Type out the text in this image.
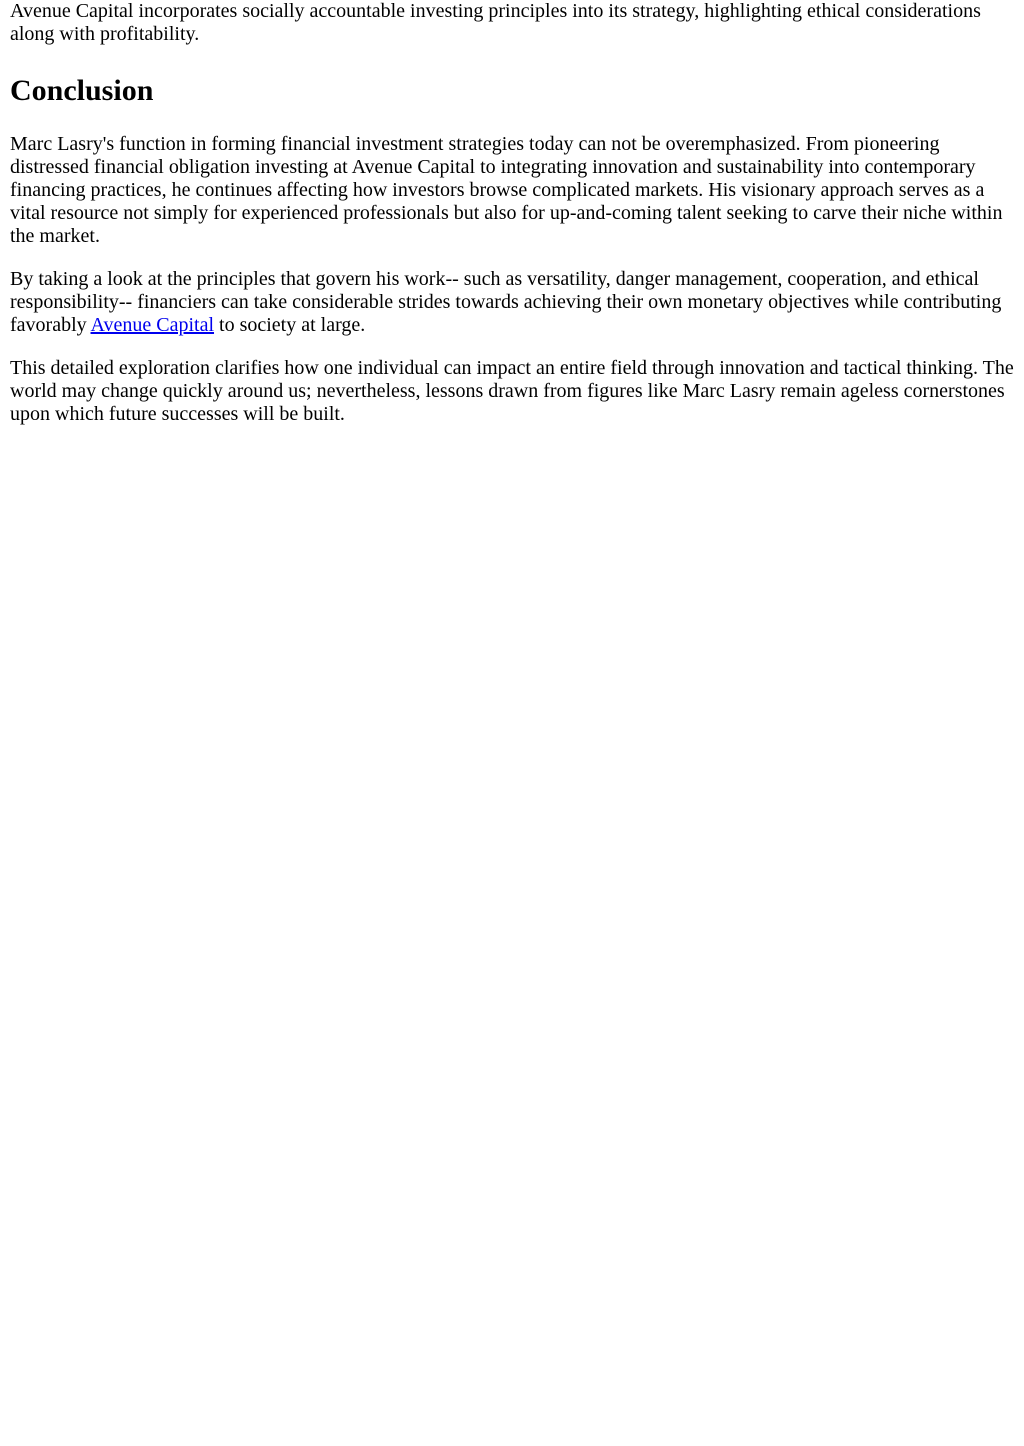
Avenue Capital incorporates socially accountable investing principles into its strategy, highlighting ethical considerations along with profitability.

Conclusion

Marc Lasry's function in forming financial investment strategies today can not be overemphasized. From pioneering distressed financial obligation investing at Avenue Capital to integrating innovation and sustainability into contemporary financing practices, he continues affecting how investors browse complicated markets. His visionary approach serves as a vital resource not simply for experienced professionals but also for up-and-coming talent seeking to carve their niche within the market.

By taking a look at the principles that govern his work-- such as versatility, danger management, cooperation, and ethical responsibility-- financiers can take considerable strides towards achieving their own monetary objectives while contributing favorably Avenue Capital to society at large.

This detailed exploration clarifies how one individual can impact an entire field through innovation and tactical thinking. The world may change quickly around us; nevertheless, lessons drawn from figures like Marc Lasry remain ageless cornerstones upon which future successes will be built.
